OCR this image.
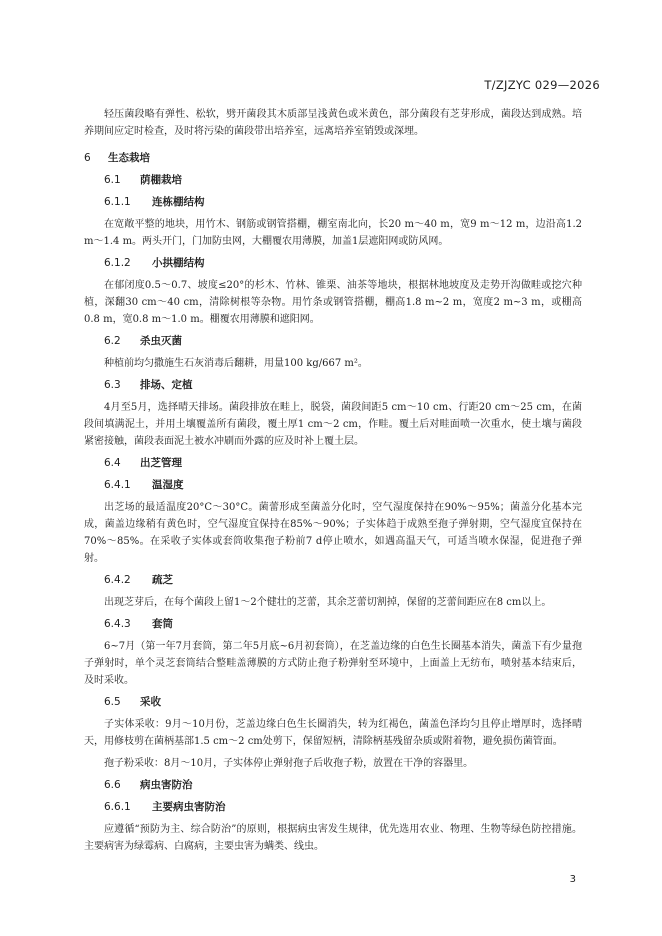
T/ZJZYC 029—2026

轻压菌段略有弹性、松软，劈开菌段其木质部呈浅黄色或米黄色，部分菌段有芝芽形成，菌段达到成熟。培养期间应定时检查，及时将污染的菌段带出培养室，远离培养室销毁或深埋。

6 生态栽培
6.1 荫棚栽培
6.1.1 连栋棚结构

在宽敞平整的地块，用竹木、钢筋或钢管搭棚，棚室南北向，长20 m～40 m，宽9 m～12 m，边沿高1.2 m～1.4 m。两头开门，门加防虫网，大棚覆农用薄膜，加盖1层遮阳网或防风网。

6.1.2 小拱棚结构

在郁闭度0.5～0.7、坡度≤20°的杉木、竹林、锥栗、油茶等地块，根据林地坡度及走势开沟做畦或挖穴种植，深翻30 cm～40 cm，清除树根等杂物。用竹条或钢管搭棚，棚高1.8 m~2 m，宽度2 m~3 m，或棚高0.8 m，宽0.8 m～1.0 m。棚覆农用薄膜和遮阳网。

6.2 杀虫灭菌

种植前均匀撒施生石灰消毒后翻耕，用量100 kg/667 m²。

6.3 排场、定植

4月至5月，选择晴天排场。菌段排放在畦上，脱袋，菌段间距5 cm～10 cm、行距20 cm～25 cm，在菌段间填满泥土，并用土壤覆盖所有菌段，覆土厚1 cm～2 cm，作畦。覆土后对畦面喷一次重水，使土壤与菌段紧密接触，菌段表面泥土被水冲刷而外露的应及时补上覆土层。

6.4 出芝管理
6.4.1 温湿度

出芝场的最适温度20°C～30°C。菌蕾形成至菌盖分化时，空气湿度保持在90%～95%；菌盖分化基本完成，菌盖边缘稍有黄色时，空气湿度宜保持在85%～90%；子实体趋于成熟至孢子弹射期，空气湿度宜保持在70%～85%。在采收子实体或套筒收集孢子粉前7 d停止喷水，如遇高温天气，可适当喷水保湿，促进孢子弹射。

6.4.2 疏芝

出现芝芽后，在每个菌段上留1～2个健壮的芝蕾，其余芝蕾切割掉，保留的芝蕾间距应在8 cm以上。

6.4.3 套筒

6~7月（第一年7月套筒，第二年5月底~6月初套筒），在芝盖边缘的白色生长圈基本消失，菌盖下有少量孢子弹射时，单个灵芝套筒结合整畦盖薄膜的方式防止孢子粉弹射至环境中，上面盖上无纺布，喷射基本结束后，及时采收。

6.5 采收

子实体采收：9月～10月份，芝盖边缘白色生长圈消失，转为红褐色，菌盖色泽均匀且停止增厚时，选择晴天，用修枝剪在菌柄基部1.5 cm～2 cm处剪下，保留短柄，清除柄基残留杂质或附着物，避免损伤菌管面。

孢子粉采收：8月～10月，子实体停止弹射孢子后收孢子粉，放置在干净的容器里。

6.6 病虫害防治
6.6.1 主要病虫害防治

应遵循“预防为主、综合防治”的原则，根据病虫害发生规律，优先选用农业、物理、生物等绿色防控措施。主要病害为绿霉病、白腐病，主要虫害为螨类、线虫。

3
